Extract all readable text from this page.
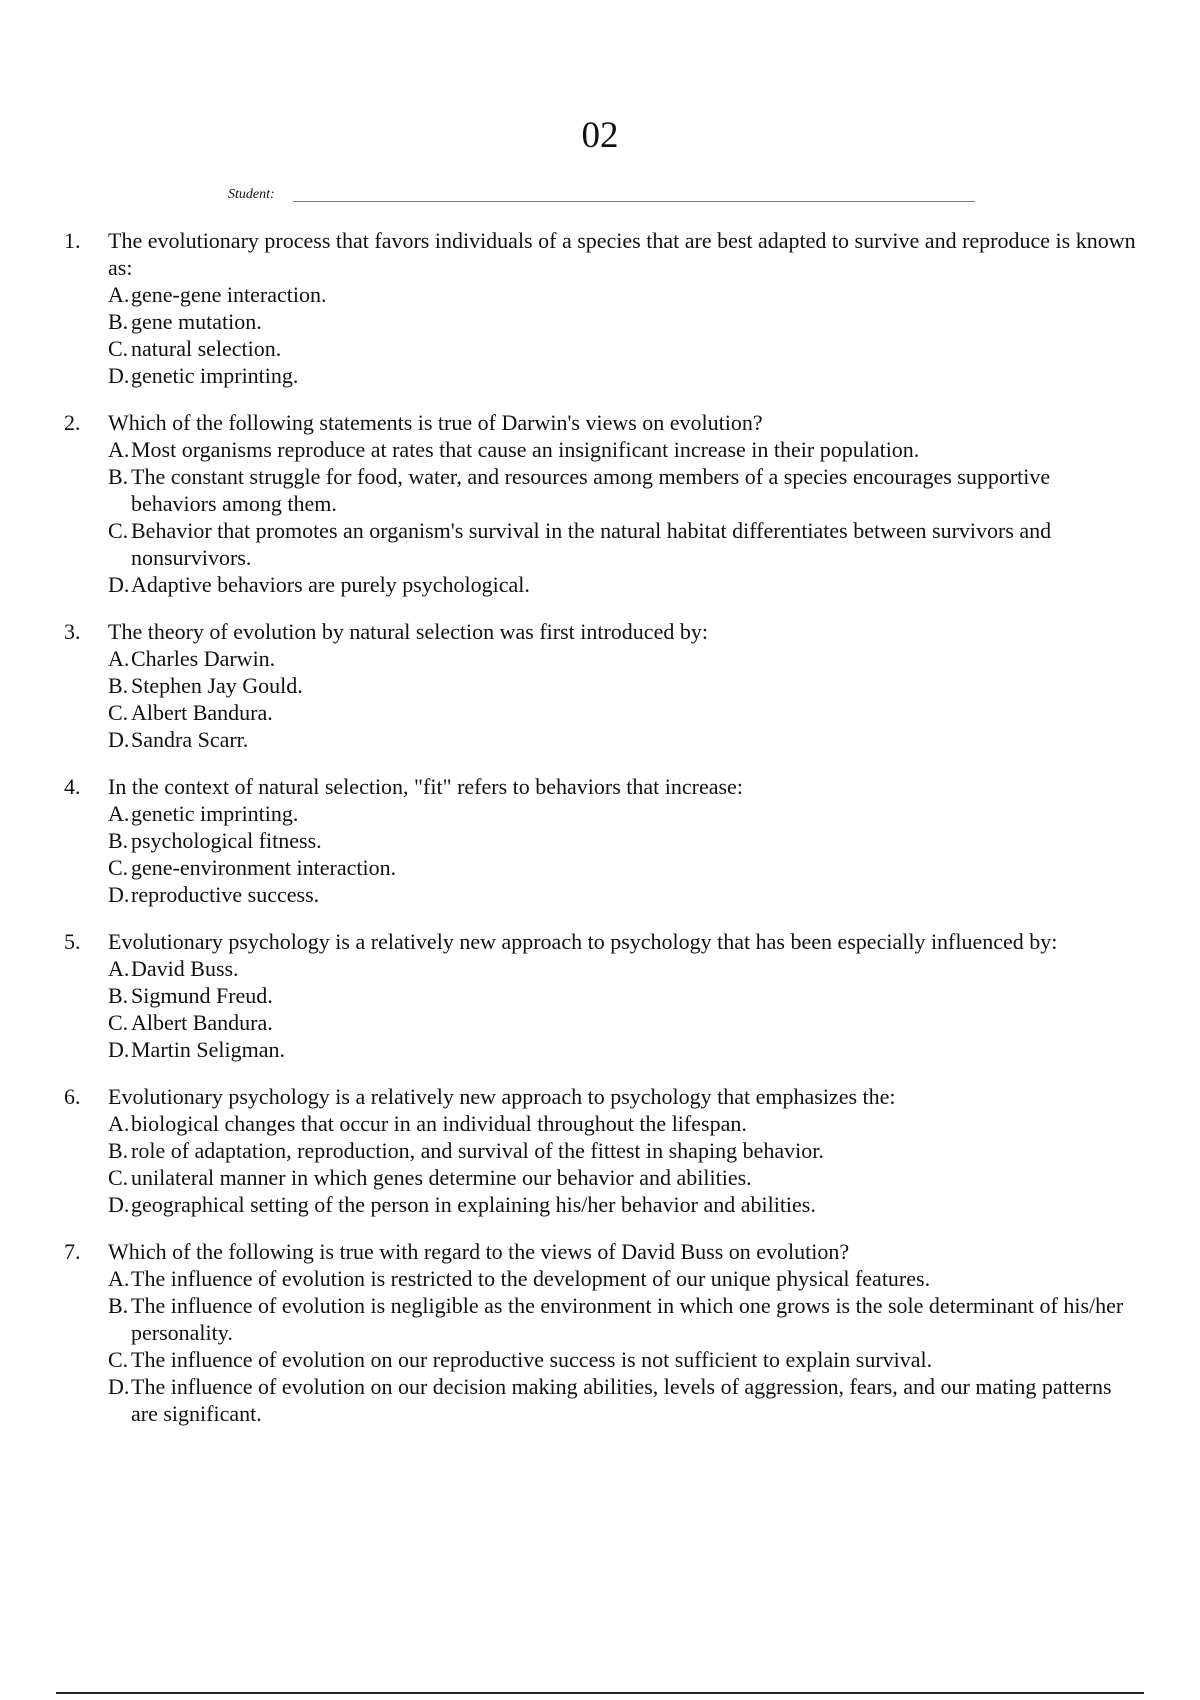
02
Student:
1.	The evolutionary process that favors individuals of a species that are best adapted to survive and reproduce is known as:

A. gene-gene interaction.
B. gene mutation.
C. natural selection.
D. genetic imprinting.
2.	Which of the following statements is true of Darwin's views on evolution?

A. Most organisms reproduce at rates that cause an insignificant increase in their population.
B. The constant struggle for food, water, and resources among members of a species encourages supportive behaviors among them.
C. Behavior that promotes an organism's survival in the natural habitat differentiates between survivors and nonsurvivors.
D. Adaptive behaviors are purely psychological.
3.	The theory of evolution by natural selection was first introduced by:

A. Charles Darwin.
B. Stephen Jay Gould.
C. Albert Bandura.
D. Sandra Scarr.
4.	In the context of natural selection, "fit" refers to behaviors that increase:

A. genetic imprinting.
B. psychological fitness.
C. gene-environment interaction.
D. reproductive success.
5.	Evolutionary psychology is a relatively new approach to psychology that has been especially influenced by:

A. David Buss.
B. Sigmund Freud.
C. Albert Bandura.
D. Martin Seligman.
6.	Evolutionary psychology is a relatively new approach to psychology that emphasizes the:

A. biological changes that occur in an individual throughout the lifespan.
B. role of adaptation, reproduction, and survival of the fittest in shaping behavior.
C. unilateral manner in which genes determine our behavior and abilities.
D. geographical setting of the person in explaining his/her behavior and abilities.
7.	Which of the following is true with regard to the views of David Buss on evolution?

A. The influence of evolution is restricted to the development of our unique physical features.
B. The influence of evolution is negligible as the environment in which one grows is the sole determinant of his/her personality.
C. The influence of evolution on our reproductive success is not sufficient to explain survival.
D. The influence of evolution on our decision making abilities, levels of aggression, fears, and our mating patterns are significant.
